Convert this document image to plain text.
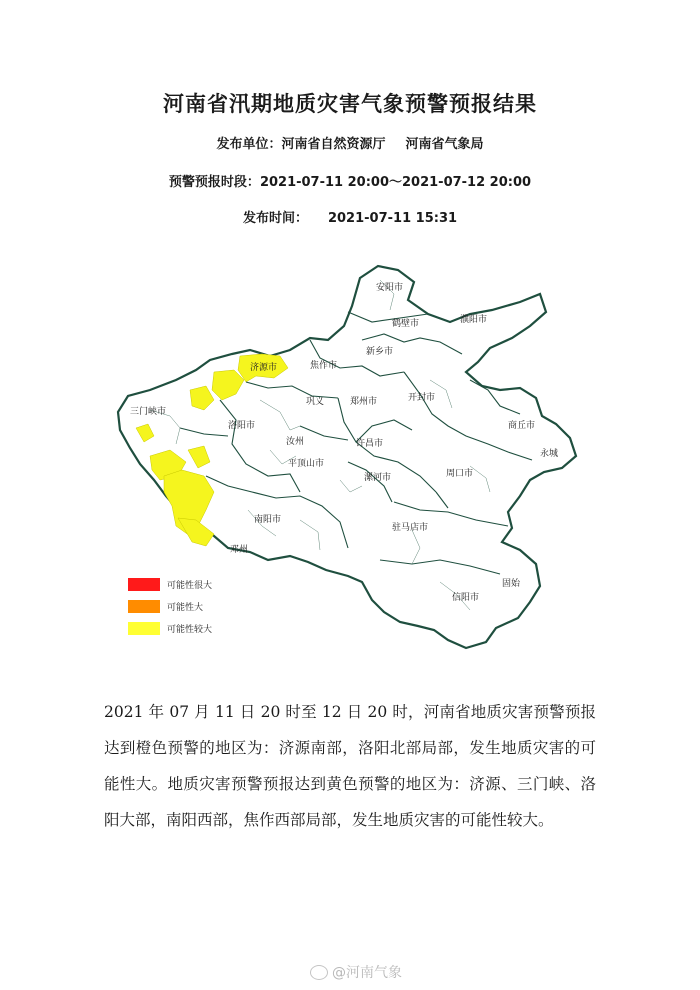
河南省汛期地质灾害气象预警预报结果
发布单位：河南省自然资源厅 河南省气象局
预警预报时段：2021-07-11 20:00～2021-07-12 20:00
发布时间： 2021-07-11 15:31
安阳市
鹤壁市	濮阳市
新乡市
济源市	焦作市
三门峡市
巩义	郑州市	开封市
商丘市
洛阳市
汝州	许昌市
永城
平顶山市
漯河市	周口市
南阳市
驻马店市
邓州
固始
信阳市
可能性很大
可能性大
可能性较大

2021 年 07 月 11 日 20 时至 12 日 20 时，河南省地质灾害预警预报达到橙色预警的地区为：济源南部，洛阳北部局部，发生地质灾害的可能性大。地质灾害预警预报达到黄色预警的地区为：济源、三门峡、洛阳大部，南阳西部，焦作西部局部，发生地质灾害的可能性较大。

@河南气象
